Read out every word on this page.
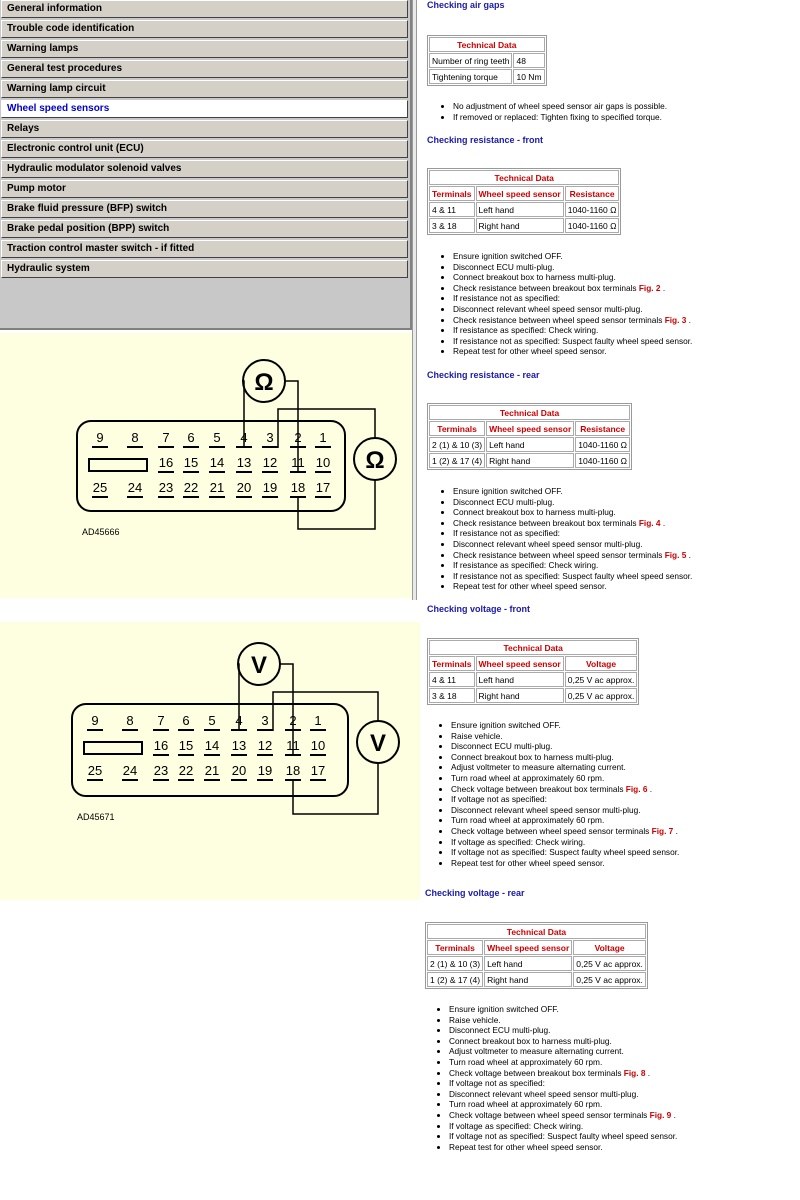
General information
Trouble code identification
Warning lamps
General test procedures
Warning lamp circuit
Wheel speed sensors
Relays
Electronic control unit (ECU)
Hydraulic modulator solenoid valves
Pump motor
Brake fluid pressure (BFP) switch
Brake pedal position (BPP) switch
Traction control master switch - if fitted
Hydraulic system
9 8 7 6 5 4 3 2 1
16 15 14 13 12 11 10
25 24 23 22 21 20 19 18 17
Ω
Ω
AD45666
9 8 7 6 5 4 3 2 1
16 15 14 13 12 11 10
25 24 23 22 21 20 19 18 17
V
V
AD45671
Checking air gaps
Technical Data	
Number of ring teeth	48
Tightening torque	10 Nm
• No adjustment of wheel speed sensor air gaps is possible.
• If removed or replaced: Tighten fixing to specified torque.
Checking resistance - front
Technical Data		
Terminals	Wheel speed sensor	Resistance
4 & 11	Left hand	1040-1160 Ω
3 & 18	Right hand	1040-1160 Ω
• Ensure ignition switched OFF.
• Disconnect ECU multi-plug.
• Connect breakout box to harness multi-plug.
• Check resistance between breakout box terminals Fig. 2 .
• If resistance not as specified:
• Disconnect relevant wheel speed sensor multi-plug.
• Check resistance between wheel speed sensor terminals Fig. 3 .
• If resistance as specified: Check wiring.
• If resistance not as specified: Suspect faulty wheel speed sensor.
• Repeat test for other wheel speed sensor.
Checking resistance - rear
Technical Data		
Terminals	Wheel speed sensor	Resistance
2 (1) & 10 (3)	Left hand	1040-1160 Ω
1 (2) & 17 (4)	Right hand	1040-1160 Ω
• Ensure ignition switched OFF.
• Disconnect ECU multi-plug.
• Connect breakout box to harness multi-plug.
• Check resistance between breakout box terminals Fig. 4 .
• If resistance not as specified:
• Disconnect relevant wheel speed sensor multi-plug.
• Check resistance between wheel speed sensor terminals Fig. 5 .
• If resistance as specified: Check wiring.
• If resistance not as specified: Suspect faulty wheel speed sensor.
• Repeat test for other wheel speed sensor.
Checking voltage - front
Technical Data		
Terminals	Wheel speed sensor	Voltage
4 & 11	Left hand	0,25 V ac approx.
3 & 18	Right hand	0,25 V ac approx.
• Ensure ignition switched OFF.
• Raise vehicle.
• Disconnect ECU multi-plug.
• Connect breakout box to harness multi-plug.
• Adjust voltmeter to measure alternating current.
• Turn road wheel at approximately 60 rpm.
• Check voltage between breakout box terminals Fig. 6 .
• If voltage not as specified:
• Disconnect relevant wheel speed sensor multi-plug.
• Turn road wheel at approximately 60 rpm.
• Check voltage between wheel speed sensor terminals Fig. 7 .
• If voltage as specified: Check wiring.
• If voltage not as specified: Suspect faulty wheel speed sensor.
• Repeat test for other wheel speed sensor.
Checking voltage - rear
Technical Data		
Terminals	Wheel speed sensor	Voltage
2 (1) & 10 (3)	Left hand	0,25 V ac approx.
1 (2) & 17 (4)	Right hand	0,25 V ac approx.
• Ensure ignition switched OFF.
• Raise vehicle.
• Disconnect ECU multi-plug.
• Connect breakout box to harness multi-plug.
• Adjust voltmeter to measure alternating current.
• Turn road wheel at approximately 60 rpm.
• Check voltage between breakout box terminals Fig. 8 .
• If voltage not as specified:
• Disconnect relevant wheel speed sensor multi-plug.
• Turn road wheel at approximately 60 rpm.
• Check voltage between wheel speed sensor terminals Fig. 9 .
• If voltage as specified: Check wiring.
• If voltage not as specified: Suspect faulty wheel speed sensor.
• Repeat test for other wheel speed sensor.
